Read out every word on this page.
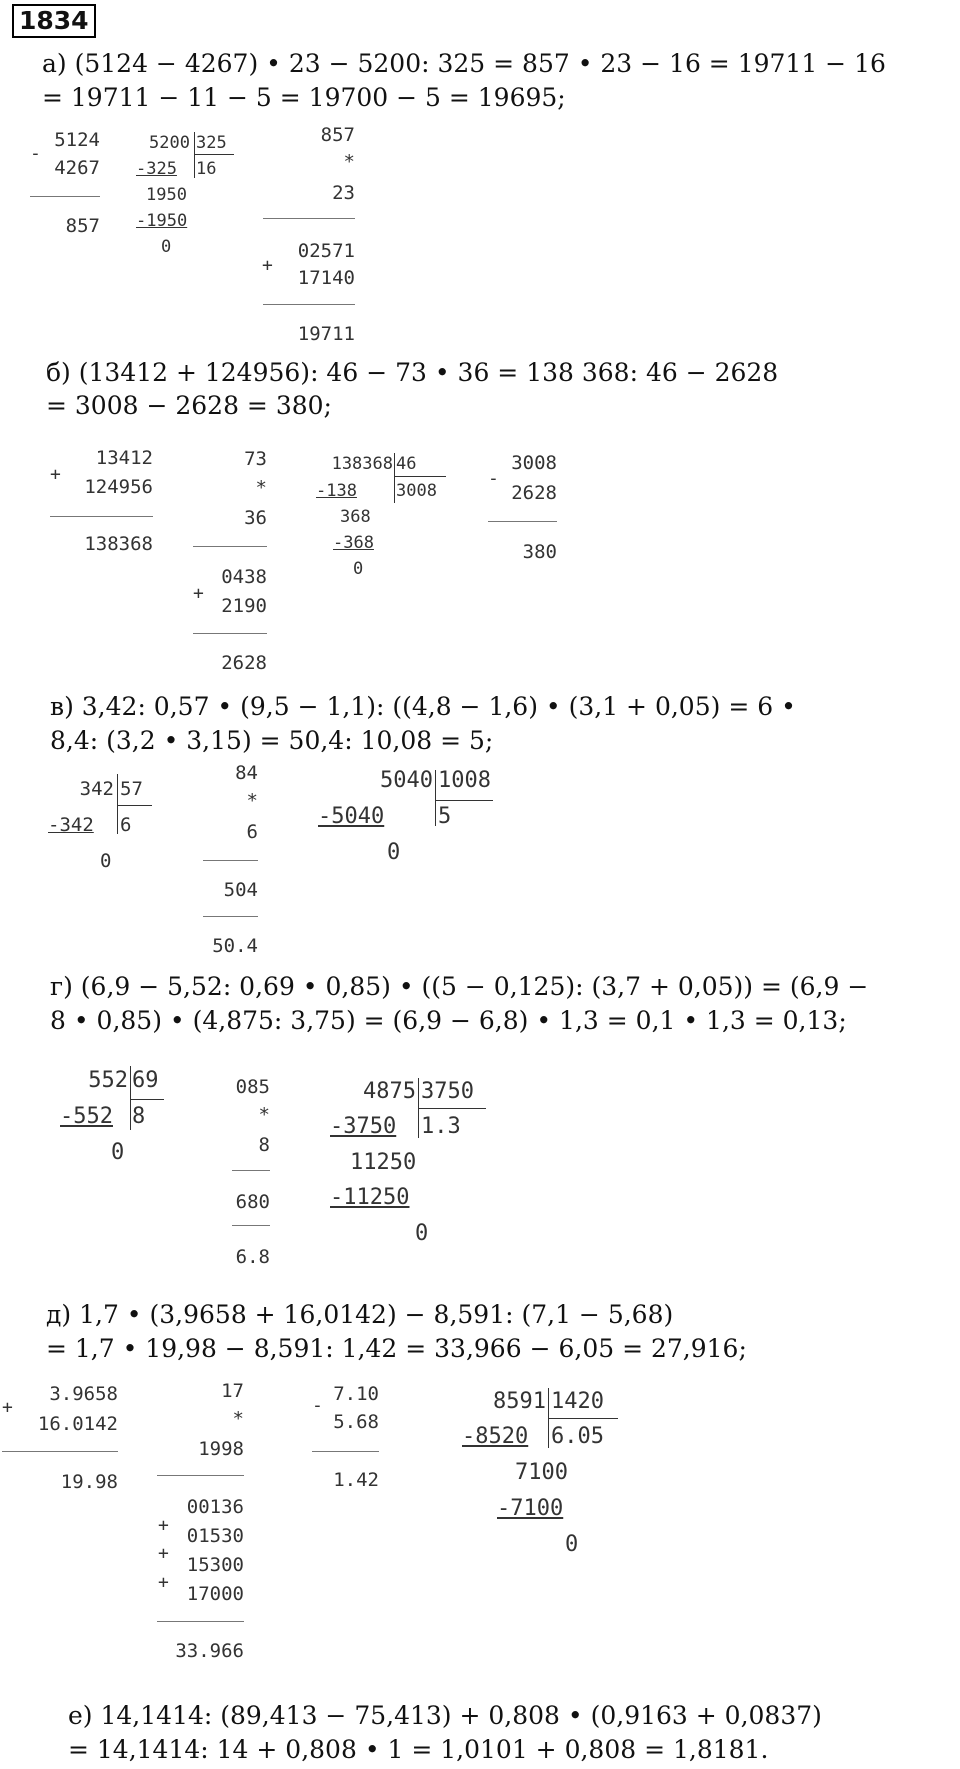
1834
а) (5124 − 4267) • 23 − 5200: 325 = 857 • 23 − 16 = 19711 − 16
= 19711 − 11 − 5 = 19700 − 5 = 19695;
-
5124
4267
857
5200 325
-325 16
1950
-1950
0
857
*
23
+
02571
17140
19711
б) (13412 + 124956): 46 − 73 • 36 = 138 368: 46 − 2628
= 3008 − 2628 = 380;
+
13412
124956
138368
73
*
36
+
0438
2190
2628
138368 46
-138 3008
368
-368
0
-
3008
2628
380
в) 3,42: 0,57 • (9,5 − 1,1): ((4,8 − 1,6) • (3,1 + 0,05) = 6 •
8,4: (3,2 • 3,15) = 50,4: 10,08 = 5;
342 57
-342 6
0
84
*
6
504
50.4
5040 1008
-5040 5
0
г) (6,9 − 5,52: 0,69 • 0,85) • ((5 − 0,125): (3,7 + 0,05)) = (6,9 −
8 • 0,85) • (4,875: 3,75) = (6,9 − 6,8) • 1,3 = 0,1 • 1,3 = 0,13;
552 69
-552 8
0
085
*
8
680
6.8
4875 3750
-3750 1.3
11250
-11250
0
д) 1,7 • (3,9658 + 16,0142) − 8,591: (7,1 − 5,68)
= 1,7 • 19,98 − 8,591: 1,42 = 33,966 − 6,05 = 27,916;
+
3.9658
16.0142
19.98
17
*
1998
+
+
+
00136
01530
15300
17000
33.966
-
7.10
5.68
1.42
8591 1420
-8520 6.05
7100
-7100
0
е) 14,1414: (89,413 − 75,413) + 0,808 • (0,9163 + 0,0837)
= 14,1414: 14 + 0,808 • 1 = 1,0101 + 0,808 = 1,8181.
